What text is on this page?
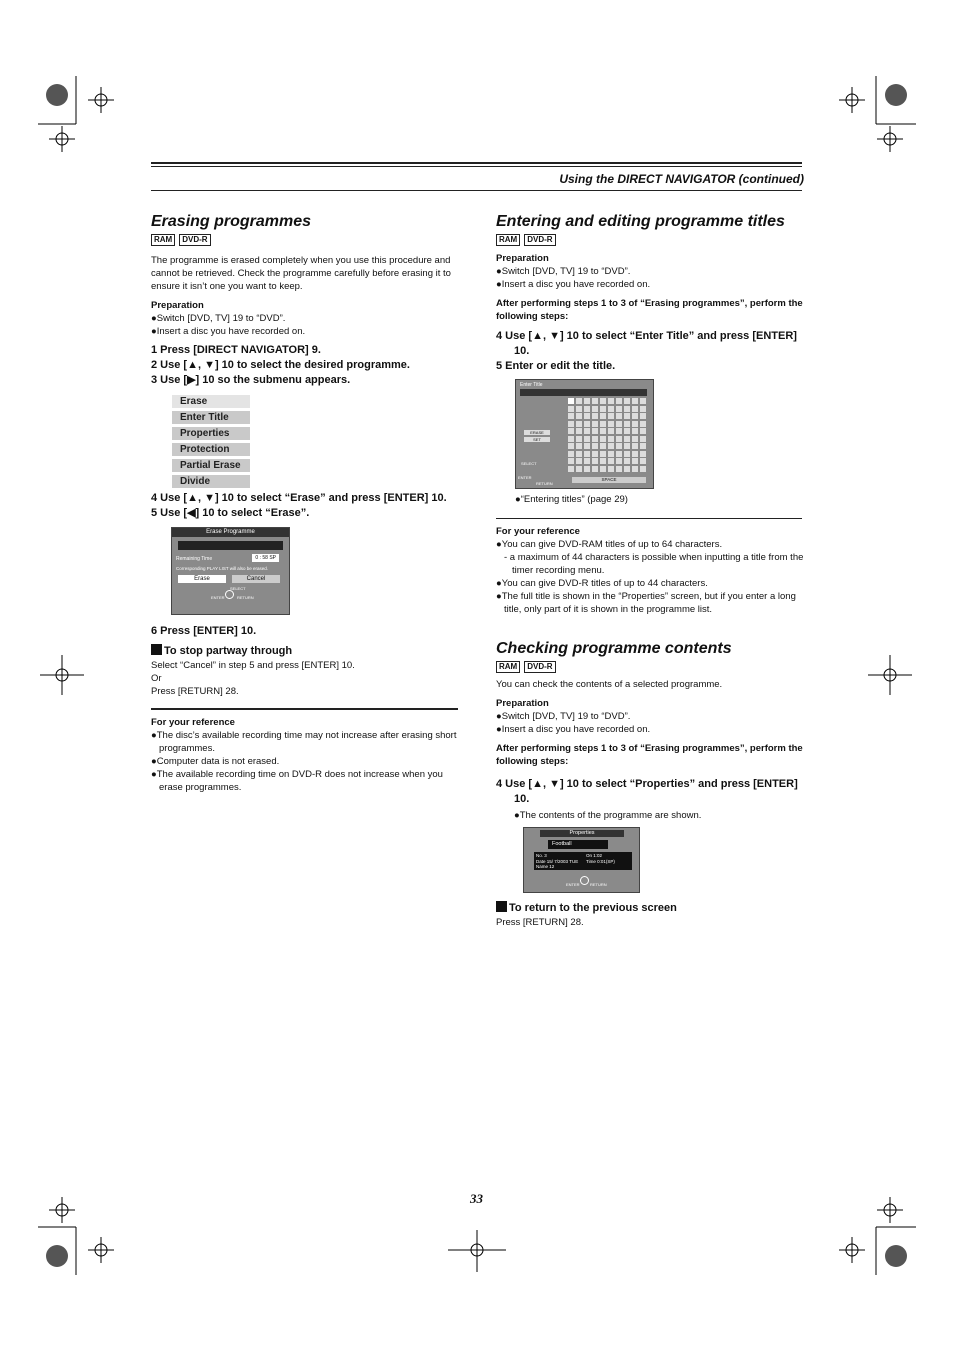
Using the DIRECT NAVIGATOR (continued)
Erasing programmes
RAM	DVD-R

The programme is erased completely when you use this procedure and cannot be retrieved. Check the programme carefully before erasing it to ensure it isn’t one you want to keep.

Preparation

●Switch [DVD, TV] 19 to “DVD”.

●Insert a disc you have recorded on.

1 Press [DIRECT NAVIGATOR] 9.

2 Use [▲, ▼] 10 to select the desired programme.

3 Use [▶] 10 so the submenu appears.

Erase
Enter Title
Properties
Protection
Partial Erase
Divide

4 Use [▲, ▼] 10 to select “Erase” and press [ENTER] 10.

5 Use [◀] 10 to select “Erase”.

Erase Programme
Remaining Time	0 : 58 SP
Corresponding PLAY LIST will also be erased.
Erase	Cancel
SELECT
ENTER	RETURN

6 Press [ENTER] 10.

To stop partway through

Select “Cancel” in step 5 and press [ENTER] 10.

Or

Press [RETURN] 28.

For your reference

●The disc’s available recording time may not increase after erasing short programmes.

●Computer data is not erased.

●The available recording time on DVD-R does not increase when you erase programmes.

Entering and editing programme titles
RAM	DVD-R

Preparation

●Switch [DVD, TV] 19 to “DVD”.

●Insert a disc you have recorded on.

After performing steps 1 to 3 of “Erasing programmes”, perform the following steps:

4 Use [▲, ▼] 10 to select “Enter Title” and press [ENTER] 10.

5 Enter or edit the title.

Enter Title
ERASE
SET
SPACE
SELECT
ENTER
RETURN

●“Entering titles” (page 29)

For your reference

●You can give DVD-RAM titles of up to 64 characters.

- a maximum of 44 characters is possible when inputting a title from the timer recording menu.

●You can give DVD-R titles of up to 44 characters.

●The full title is shown in the “Properties” screen, but if you enter a long title, only part of it is shown in the programme list.

Checking programme contents
RAM	DVD-R

You can check the contents of a selected programme.

Preparation

●Switch [DVD, TV] 19 to “DVD”.

●Insert a disc you have recorded on.

After performing steps 1 to 3 of “Erasing programmes”, perform the following steps:

4 Use [▲, ▼] 10 to select “Properties” and press [ENTER] 10.

●The contents of the programme are shown.

Properties
Football
No. 3
Date 15/ 7/2003 TUE
Name 12
On 1:02
Time 0:01(SP)
ENTER	RETURN

To return to the previous screen

Press [RETURN] 28.

33
